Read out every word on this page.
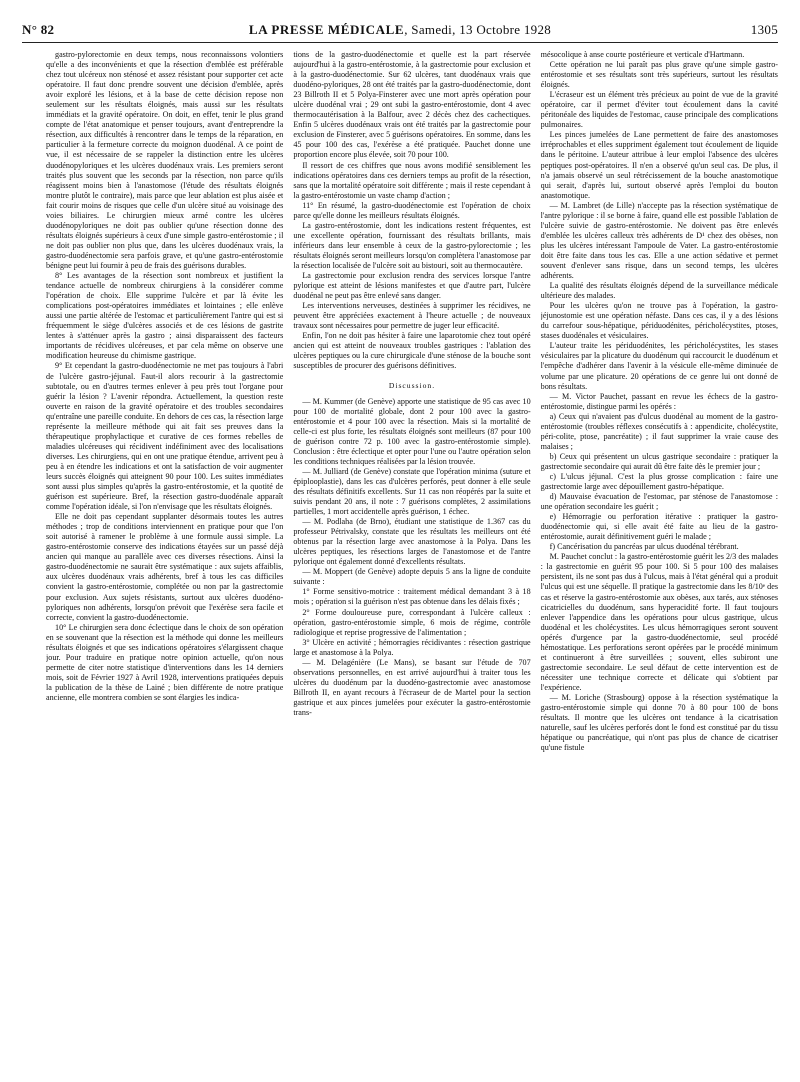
N° 82	LA PRESSE MÉDICALE, Samedi, 13 Octobre 1928	1305

gastro-pylorectomie en deux temps, nous reconnaissons volontiers qu'elle a des inconvénients et que la résection d'emblée est préférable chez tout ulcéreux non sténosé et assez résistant pour supporter cet acte opératoire. Il faut donc prendre souvent une décision d'emblée, après avoir exploré les lésions, et à la base de cette décision repose non seulement sur les résultats éloignés, mais aussi sur les résultats immédiats et la gravité opératoire. On doit, en effet, tenir le plus grand compte de l'état anatomique et penser toujours, avant d'entreprendre la résection, aux difficultés à rencontrer dans le temps de la réparation, en particulier à la fermeture correcte du moignon duodénal. A ce point de vue, il est nécessaire de se rappeler la distinction entre les ulcères duodénopyloriques et les ulcères duodénaux vrais. Les premiers seront traités plus souvent que les seconds par la résection, non parce qu'ils réagissent moins bien à l'anastomose (l'étude des résultats éloignés montre plutôt le contraire), mais parce que leur ablation est plus aisée et fait courir moins de risques que celle d'un ulcère situé au voisinage des voies biliaires. Le chirurgien mieux armé contre les ulcères duodénopyloriques ne doit pas oublier qu'une résection donne des résultats éloignés supérieurs à ceux d'une simple gastro-entérostomie ; il ne doit pas oublier non plus que, dans les ulcères duodénaux vrais, la gastro-duodénectomie sera parfois grave, et qu'une gastro-entérostomie bénigne peut lui fournir à peu de frais des guérisons durables.

8° Les avantages de la résection sont nombreux et justifient la tendance actuelle de nombreux chirurgiens à la considérer comme l'opération de choix. Elle supprime l'ulcère et par là évite les complications post-opératoires immédiates et lointaines ; elle enlève aussi une partie altérée de l'estomac et particulièrement l'antre qui est si fréquemment le siège d'ulcères associés et de ces lésions de gastrite lentes à s'atténuer après la gastro ; ainsi disparaissent des facteurs importants de récidives ulcéreuses, et par cela même on observe une modification heureuse du chimisme gastrique.

9° Et cependant la gastro-duodénectomie ne met pas toujours à l'abri de l'ulcère gastro-jéjunal. Faut-il alors recourir à la gastrectomie subtotale, ou en d'autres termes enlever à peu près tout l'organe pour guérir la lésion ? L'avenir répondra. Actuellement, la question reste ouverte en raison de la gravité opératoire et des troubles secondaires qu'entraîne une pareille conduite. En dehors de ces cas, la résection large représente la meilleure méthode qui ait fait ses preuves dans la thérapeutique prophylactique et curative de ces formes rebelles de maladies ulcéreuses qui récidivent indéfiniment avec des localisations diverses. Les chirurgiens, qui en ont une pratique étendue, arrivent peu à peu à en étendre les indications et ont la satisfaction de voir augmenter leurs succès éloignés qui atteignent 90 pour 100. Les suites immédiates sont aussi plus simples qu'après la gastro-entérostomie, et la quotité de guérison est supérieure. Bref, la résection gastro-duodénale apparaît comme l'opération idéale, si l'on n'envisage que les résultats éloignés.

Elle ne doit pas cependant supplanter désormais toutes les autres méthodes ; trop de conditions interviennent en pratique pour que l'on soit autorisé à ramener le problème à une formule aussi simple. La gastro-entérostomie conserve des indications étayées sur un passé déjà ancien qui manque au parallèle avec ces diverses résections. Ainsi la gastro-duodénectomie ne saurait être systématique : aux sujets affaiblis, aux ulcères duodénaux vrais adhérents, bref à tous les cas difficiles convient la gastro-entérostomie, complétée ou non par la gastrectomie pour exclusion. Aux sujets résistants, surtout aux ulcères duodéno-pyloriques non adhérents, lorsqu'on prévoit que l'exérèse sera facile et correcte, convient la gastro-duodénectomie.

10° Le chirurgien sera donc éclectique dans le choix de son opération en se souvenant que la résection est la méthode qui donne les meilleurs résultats éloignés et que ses indications opératoires s'élargissent chaque jour. Pour traduire en pratique notre opinion actuelle, qu'on nous permette de citer notre statistique d'interventions dans les 14 derniers mois, soit de Février 1927 à Avril 1928, interventions pratiquées depuis la publication de la thèse de Lainé ; bien différente de notre pratique ancienne, elle montrera combien se sont élargies les indica-

tions de la gastro-duodénectomie et quelle est la part réservée aujourd'hui à la gastro-entérostomie, à la gastrectomie pour exclusion et à la gastro-duodénectomie. Sur 62 ulcères, tant duodénaux vrais que duodéno-pyloriques, 28 ont été traités par la gastro-duodénectomie, dont 23 Billroth II et 5 Polya-Finsterer avec une mort après opération pour ulcère duodénal vrai ; 29 ont subi la gastro-entérostomie, dont 4 avec thermocautérisation à la Balfour, avec 2 décès chez des cachectiques. Enfin 5 ulcères duodénaux vrais ont été traités par la gastrectomie pour exclusion de Finsterer, avec 5 guérisons opératoires. En somme, dans les 45 pour 100 des cas, l'exérèse a été pratiquée. Pauchet donne une proportion encore plus élevée, soit 70 pour 100.

Il ressort de ces chiffres que nous avons modifié sensiblement les indications opératoires dans ces derniers temps au profit de la résection, sans que la mortalité opératoire soit différente ; mais il reste cependant à la gastro-entérostomie un vaste champ d'action ;

11° En résumé, la gastro-duodénectomie est l'opération de choix parce qu'elle donne les meilleurs résultats éloignés.

La gastro-entérostomie, dont les indications restent fréquentes, est une excellente opération, fournissant des résultats brillants, mais inférieurs dans leur ensemble à ceux de la gastro-pylorectomie ; les résultats éloignés seront meilleurs lorsqu'on complètera l'anastomose par la résection localisée de l'ulcère soit au bistouri, soit au thermocautère.

La gastrectomie pour exclusion rendra des services lorsque l'antre pylorique est atteint de lésions manifestes et que d'autre part, l'ulcère duodénal ne peut pas être enlevé sans danger.

Les interventions nerveuses, destinées à supprimer les récidives, ne peuvent être appréciées exactement à l'heure actuelle ; de nouveaux travaux sont nécessaires pour permettre de juger leur efficacité.

Enfin, l'on ne doit pas hésiter à faire une laparotomie chez tout opéré ancien qui est atteint de nouveaux troubles gastriques : l'ablation des ulcères peptiques ou la cure chirurgicale d'une sténose de la bouche sont susceptibles de procurer des guérisons définitives.

Discussion.

— M. Kummer (de Genève) apporte une statistique de 95 cas avec 10 pour 100 de mortalité globale, dont 2 pour 100 avec la gastro-entérostomie et 4 pour 100 avec la résection. Mais si la mortalité de celle-ci est plus forte, les résultats éloignés sont meilleurs (87 pour 100 de guérison contre 72 p. 100 avec la gastro-entérostomie simple). Conclusion : être éclectique et opter pour l'une ou l'autre opération selon les conditions techniques réalisées par la lésion trouvée.

— M. Julliard (de Genève) constate que l'opération minima (suture et épiplooplastie), dans les cas d'ulcères perforés, peut donner à elle seule des résultats définitifs excellents. Sur 11 cas non réopérés par la suite et suivis pendant 20 ans, il note : 7 guérisons complètes, 2 assimilations partielles, 1 mort accidentelle après guérison, 1 échec.

— M. Podlaha (de Brno), étudiant une statistique de 1.367 cas du professeur Pétrivalsky, constate que les résultats les meilleurs ont été obtenus par la résection large avec anastomose à la Polya. Dans les ulcères peptiques, les résections larges de l'anastomose et de l'antre pylorique ont également donné d'excellents résultats.

— M. Moppert (de Genève) adopte depuis 5 ans la ligne de conduite suivante :

1° Forme sensitivo-motrice : traitement médical demandant 3 à 18 mois ; opération si la guérison n'est pas obtenue dans les délais fixés ;

2° Forme douloureuse pure, correspondant à l'ulcère calleux : opération, gastro-entérostomie simple, 6 mois de régime, contrôle radiologique et reprise progressive de l'alimentation ;

3° Ulcère en activité ; hémorragies récidivantes : résection gastrique large et anastomose à la Polya.

— M. Delagénière (Le Mans), se basant sur l'étude de 707 observations personnelles, en est arrivé aujourd'hui à traiter tous les ulcères du duodénum par la duodéno-gastrectomie avec anastomose Billroth II, en ayant recours à l'écraseur de de Martel pour la section gastrique et aux pinces jumelées pour exécuter la gastro-entérostomie trans-

mésocolique à anse courte postérieure et verticale d'Hartmann.

Cette opération ne lui paraît pas plus grave qu'une simple gastro-entérostomie et ses résultats sont très supérieurs, surtout les résultats éloignés.

L'écraseur est un élément très précieux au point de vue de la gravité opératoire, car il permet d'éviter tout écoulement dans la cavité péritonéale des liquides de l'estomac, cause principale des complications pulmonaires.

Les pinces jumelées de Lane permettent de faire des anastomoses irréprochables et elles suppriment également tout écoulement de liquide dans le péritoine. L'auteur attribue à leur emploi l'absence des ulcères peptiques post-opératoires. Il n'en a observé qu'un seul cas. De plus, il n'a jamais observé un seul rétrécissement de la bouche anastomotique qui serait, d'après lui, surtout observé après l'emploi du bouton anastomotique.

— M. Lambret (de Lille) n'accepte pas la résection systématique de l'antre pylorique : il se borne à faire, quand elle est possible l'ablation de l'ulcère suivie de gastro-entérostomie. Ne doivent pas être enlevés d'emblée les ulcères calleux très adhérents de D¹ chez des obèses, non plus les ulcères intéressant l'ampoule de Vater. La gastro-entérostomie doit être faite dans tous les cas. Elle a une action sédative et permet souvent d'enlever sans risque, dans un second temps, les ulcères adhérents.

La qualité des résultats éloignés dépend de la surveillance médicale ultérieure des malades.

Pour les ulcères qu'on ne trouve pas à l'opération, la gastro-jéjunostomie est une opération néfaste. Dans ces cas, il y a des lésions du carrefour sous-hépatique, périduodénites, péricholécystites, ptoses, stases duodénales et vésiculaires.

L'auteur traite les périduodénites, les péricholécystites, les stases vésiculaires par la plicature du duodénum qui raccourcit le duodénum et l'empêche d'adhérer dans l'avenir à la vésicule elle-même diminuée de volume par une plicature. 20 opérations de ce genre lui ont donné de bons résultats.

— M. Victor Pauchet, passant en revue les échecs de la gastro-entérostomie, distingue parmi les opérés :

a) Ceux qui n'avaient pas d'ulcus duodénal au moment de la gastro-entérostomie (troubles réflexes consécutifs à : appendicite, cholécystite, péri-colite, ptose, pancréatite) ; il faut supprimer la vraie cause des malaises ;

b) Ceux qui présentent un ulcus gastrique secondaire : pratiquer la gastrectomie secondaire qui aurait dû être faite dès le premier jour ;

c) L'ulcus jéjunal. C'est la plus grosse complication : faire une gastrectomie large avec dépouillement gastro-hépatique.

d) Mauvaise évacuation de l'estomac, par sténose de l'anastomose : une opération secondaire les guérit ;

e) Hémorragie ou perforation itérative : pratiquer la gastro-duodénectomie qui, si elle avait été faite au lieu de la gastro-entérostomie, aurait définitivement guéri le malade ;

f) Cancérisation du pancréas par ulcus duodénal térébrant.

M. Pauchet conclut : la gastro-entérostomie guérit les 2/3 des malades : la gastrectomie en guérit 95 pour 100. Si 5 pour 100 des malaises persistent, ils ne sont pas dus à l'ulcus, mais à l'état général qui a produit l'ulcus qui est une séquelle. Il pratique la gastrectomie dans les 8/10ᵉ des cas et réserve la gastro-entérostomie aux obèses, aux tarés, aux sténoses cicatricielles du duodénum, sans hyperacidité forte. Il faut toujours enlever l'appendice dans les opérations pour ulcus gastrique, ulcus duodénal et les cholécystites. Les ulcus hémorragiques seront souvent opérés d'urgence par la gastro-duodénectomie, seul procédé hémostatique. Les perforations seront opérées par le procédé minimum et continueront à être surveillées ; souvent, elles subiront une gastrectomie secondaire. Le seul défaut de cette intervention est de nécessiter une technique correcte et délicate qui s'obtient par l'expérience.

— M. Loriche (Strasbourg) oppose à la résection systématique la gastro-entérostomie simple qui donne 70 à 80 pour 100 de bons résultats. Il montre que les ulcères ont tendance à la cicatrisation naturelle, sauf les ulcères perforés dont le fond est constitué par du tissu hépatique ou pancréatique, qui n'ont pas plus de chance de cicatriser qu'une fistule
